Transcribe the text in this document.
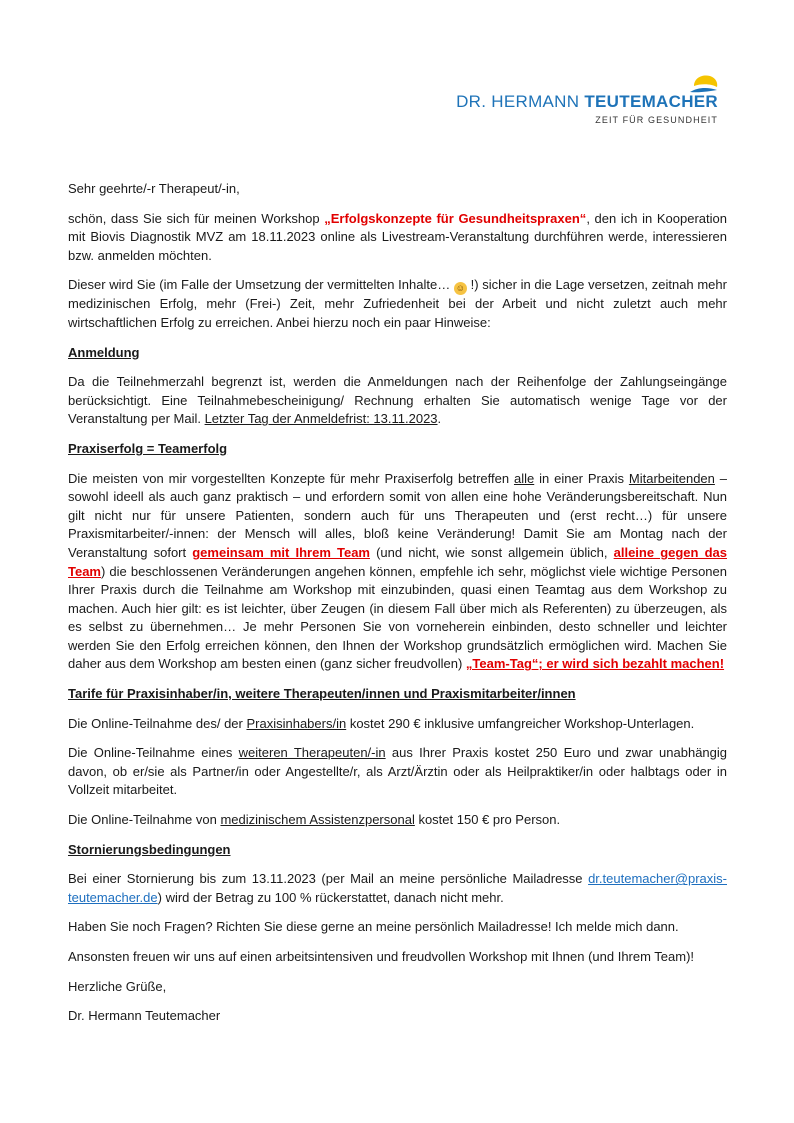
DR. HERMANN TEUTEMACHER
ZEIT FÜR GESUNDHEIT

Sehr geehrte/-r Therapeut/-in,

schön, dass Sie sich für meinen Workshop „Erfolgskonzepte für Gesundheitspraxen“, den ich in Kooperation mit Biovis Diagnostik MVZ am 18.11.2023 online als Livestream-Veranstaltung durchführen werde, interessieren bzw. anmelden möchten.

Dieser wird Sie (im Falle der Umsetzung der vermittelten Inhalte… ☺ !) sicher in die Lage versetzen, zeitnah mehr medizinischen Erfolg, mehr (Frei-) Zeit, mehr Zufriedenheit bei der Arbeit und nicht zuletzt auch mehr wirtschaftlichen Erfolg zu erreichen. Anbei hierzu noch ein paar Hinweise:

Anmeldung

Da die Teilnehmerzahl begrenzt ist, werden die Anmeldungen nach der Reihenfolge der Zahlungseingänge berücksichtigt. Eine Teilnahmebescheinigung/ Rechnung erhalten Sie automatisch wenige Tage vor der Veranstaltung per Mail. Letzter Tag der Anmeldefrist: 13.11.2023.

Praxiserfolg = Teamerfolg

Die meisten von mir vorgestellten Konzepte für mehr Praxiserfolg betreffen alle in einer Praxis Mitarbeitenden – sowohl ideell als auch ganz praktisch – und erfordern somit von allen eine hohe Veränderungsbereitschaft. Nun gilt nicht nur für unsere Patienten, sondern auch für uns Therapeuten und (erst recht…) für unsere Praxismitarbeiter/-innen: der Mensch will alles, bloß keine Veränderung! Damit Sie am Montag nach der Veranstaltung sofort gemeinsam mit Ihrem Team (und nicht, wie sonst allgemein üblich, alleine gegen das Team) die beschlossenen Veränderungen angehen können, empfehle ich sehr, möglichst viele wichtige Personen Ihrer Praxis durch die Teilnahme am Workshop mit einzubinden, quasi einen Teamtag aus dem Workshop zu machen. Auch hier gilt: es ist leichter, über Zeugen (in diesem Fall über mich als Referenten) zu überzeugen, als es selbst zu übernehmen… Je mehr Personen Sie von vorneherein einbinden, desto schneller und leichter werden Sie den Erfolg erreichen können, den Ihnen der Workshop grundsätzlich ermöglichen wird. Machen Sie daher aus dem Workshop am besten einen (ganz sicher freudvollen) „Team-Tag“; er wird sich bezahlt machen!

Tarife für Praxisinhaber/in, weitere Therapeuten/innen und Praxismitarbeiter/innen

Die Online-Teilnahme des/ der Praxisinhabers/in kostet 290 € inklusive umfangreicher Workshop-Unterlagen.

Die Online-Teilnahme eines weiteren Therapeuten/-in aus Ihrer Praxis kostet 250 Euro und zwar unabhängig davon, ob er/sie als Partner/in oder Angestellte/r, als Arzt/Ärztin oder als Heilpraktiker/in oder halbtags oder in Vollzeit mitarbeitet.

Die Online-Teilnahme von medizinischem Assistenzpersonal kostet 150 € pro Person.

Stornierungsbedingungen

Bei einer Stornierung bis zum 13.11.2023 (per Mail an meine persönliche Mailadresse dr.teutemacher@praxis-teutemacher.de) wird der Betrag zu 100 % rückerstattet, danach nicht mehr.

Haben Sie noch Fragen? Richten Sie diese gerne an meine persönlich Mailadresse! Ich melde mich dann.

Ansonsten freuen wir uns auf einen arbeitsintensiven und freudvollen Workshop mit Ihnen (und Ihrem Team)!

Herzliche Grüße,

Dr. Hermann Teutemacher
